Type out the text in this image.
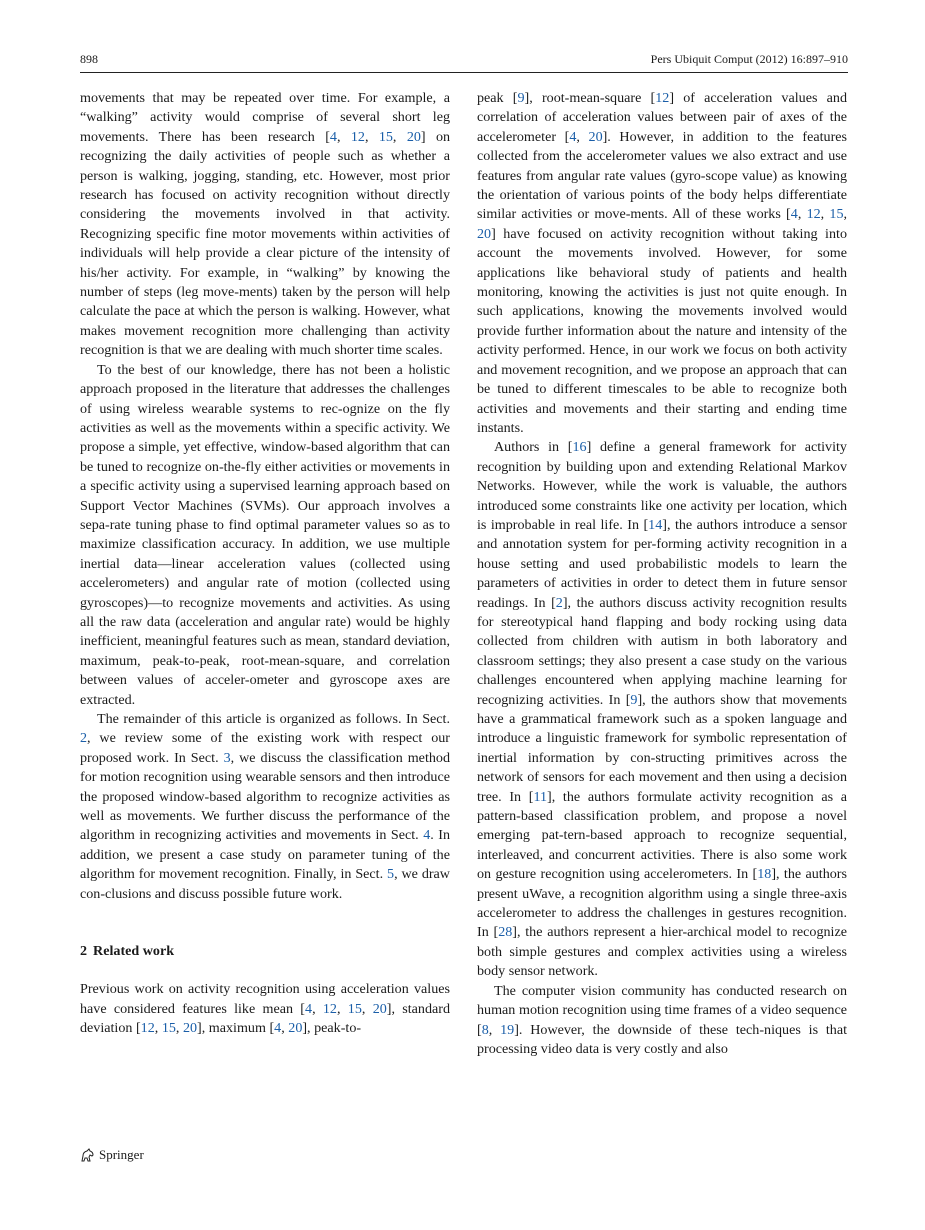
898	Pers Ubiquit Comput (2012) 16:897–910

movements that may be repeated over time. For example, a “walking” activity would comprise of several short leg movements. There has been research [4, 12, 15, 20] on recognizing the daily activities of people such as whether a person is walking, jogging, standing, etc. However, most prior research has focused on activity recognition without directly considering the movements involved in that activity. Recognizing specific fine motor movements within activities of individuals will help provide a clear picture of the intensity of his/her activity. For example, in “walking” by knowing the number of steps (leg move-ments) taken by the person will help calculate the pace at which the person is walking. However, what makes movement recognition more challenging than activity recognition is that we are dealing with much shorter time scales.

To the best of our knowledge, there has not been a holistic approach proposed in the literature that addresses the challenges of using wireless wearable systems to rec-ognize on the fly activities as well as the movements within a specific activity. We propose a simple, yet effective, window-based algorithm that can be tuned to recognize on-the-fly either activities or movements in a specific activity using a supervised learning approach based on Support Vector Machines (SVMs). Our approach involves a sepa-rate tuning phase to find optimal parameter values so as to maximize classification accuracy. In addition, we use multiple inertial data—linear acceleration values (collected using accelerometers) and angular rate of motion (collected using gyroscopes)—to recognize movements and activities. As using all the raw data (acceleration and angular rate) would be highly inefficient, meaningful features such as mean, standard deviation, maximum, peak-to-peak, root-mean-square, and correlation between values of acceler-ometer and gyroscope axes are extracted.

The remainder of this article is organized as follows. In Sect. 2, we review some of the existing work with respect our proposed work. In Sect. 3, we discuss the classification method for motion recognition using wearable sensors and then introduce the proposed window-based algorithm to recognize activities as well as movements. We further discuss the performance of the algorithm in recognizing activities and movements in Sect. 4. In addition, we present a case study on parameter tuning of the algorithm for movement recognition. Finally, in Sect. 5, we draw con-clusions and discuss possible future work.

2 Related work

Previous work on activity recognition using acceleration values have considered features like mean [4, 12, 15, 20], standard deviation [12, 15, 20], maximum [4, 20], peak-to-

peak [9], root-mean-square [12] of acceleration values and correlation of acceleration values between pair of axes of the accelerometer [4, 20]. However, in addition to the features collected from the accelerometer values we also extract and use features from angular rate values (gyro-scope value) as knowing the orientation of various points of the body helps differentiate similar activities or move-ments. All of these works [4, 12, 15, 20] have focused on activity recognition without taking into account the movements involved. However, for some applications like behavioral study of patients and health monitoring, knowing the activities is just not quite enough. In such applications, knowing the movements involved would provide further information about the nature and intensity of the activity performed. Hence, in our work we focus on both activity and movement recognition, and we propose an approach that can be tuned to different timescales to be able to recognize both activities and movements and their starting and ending time instants.

Authors in [16] define a general framework for activity recognition by building upon and extending Relational Markov Networks. However, while the work is valuable, the authors introduced some constraints like one activity per location, which is improbable in real life. In [14], the authors introduce a sensor and annotation system for per-forming activity recognition in a house setting and used probabilistic models to learn the parameters of activities in order to detect them in future sensor readings. In [2], the authors discuss activity recognition results for stereotypical hand flapping and body rocking using data collected from children with autism in both laboratory and classroom settings; they also present a case study on the various challenges encountered when applying machine learning for recognizing activities. In [9], the authors show that movements have a grammatical framework such as a spoken language and introduce a linguistic framework for symbolic representation of inertial information by con-structing primitives across the network of sensors for each movement and then using a decision tree. In [11], the authors formulate activity recognition as a pattern-based classification problem, and propose a novel emerging pat-tern-based approach to recognize sequential, interleaved, and concurrent activities. There is also some work on gesture recognition using accelerometers. In [18], the authors present uWave, a recognition algorithm using a single three-axis accelerometer to address the challenges in gestures recognition. In [28], the authors represent a hier-archical model to recognize both simple gestures and complex activities using a wireless body sensor network.

The computer vision community has conducted research on human motion recognition using time frames of a video sequence [8, 19]. However, the downside of these tech-niques is that processing video data is very costly and also

Springer
